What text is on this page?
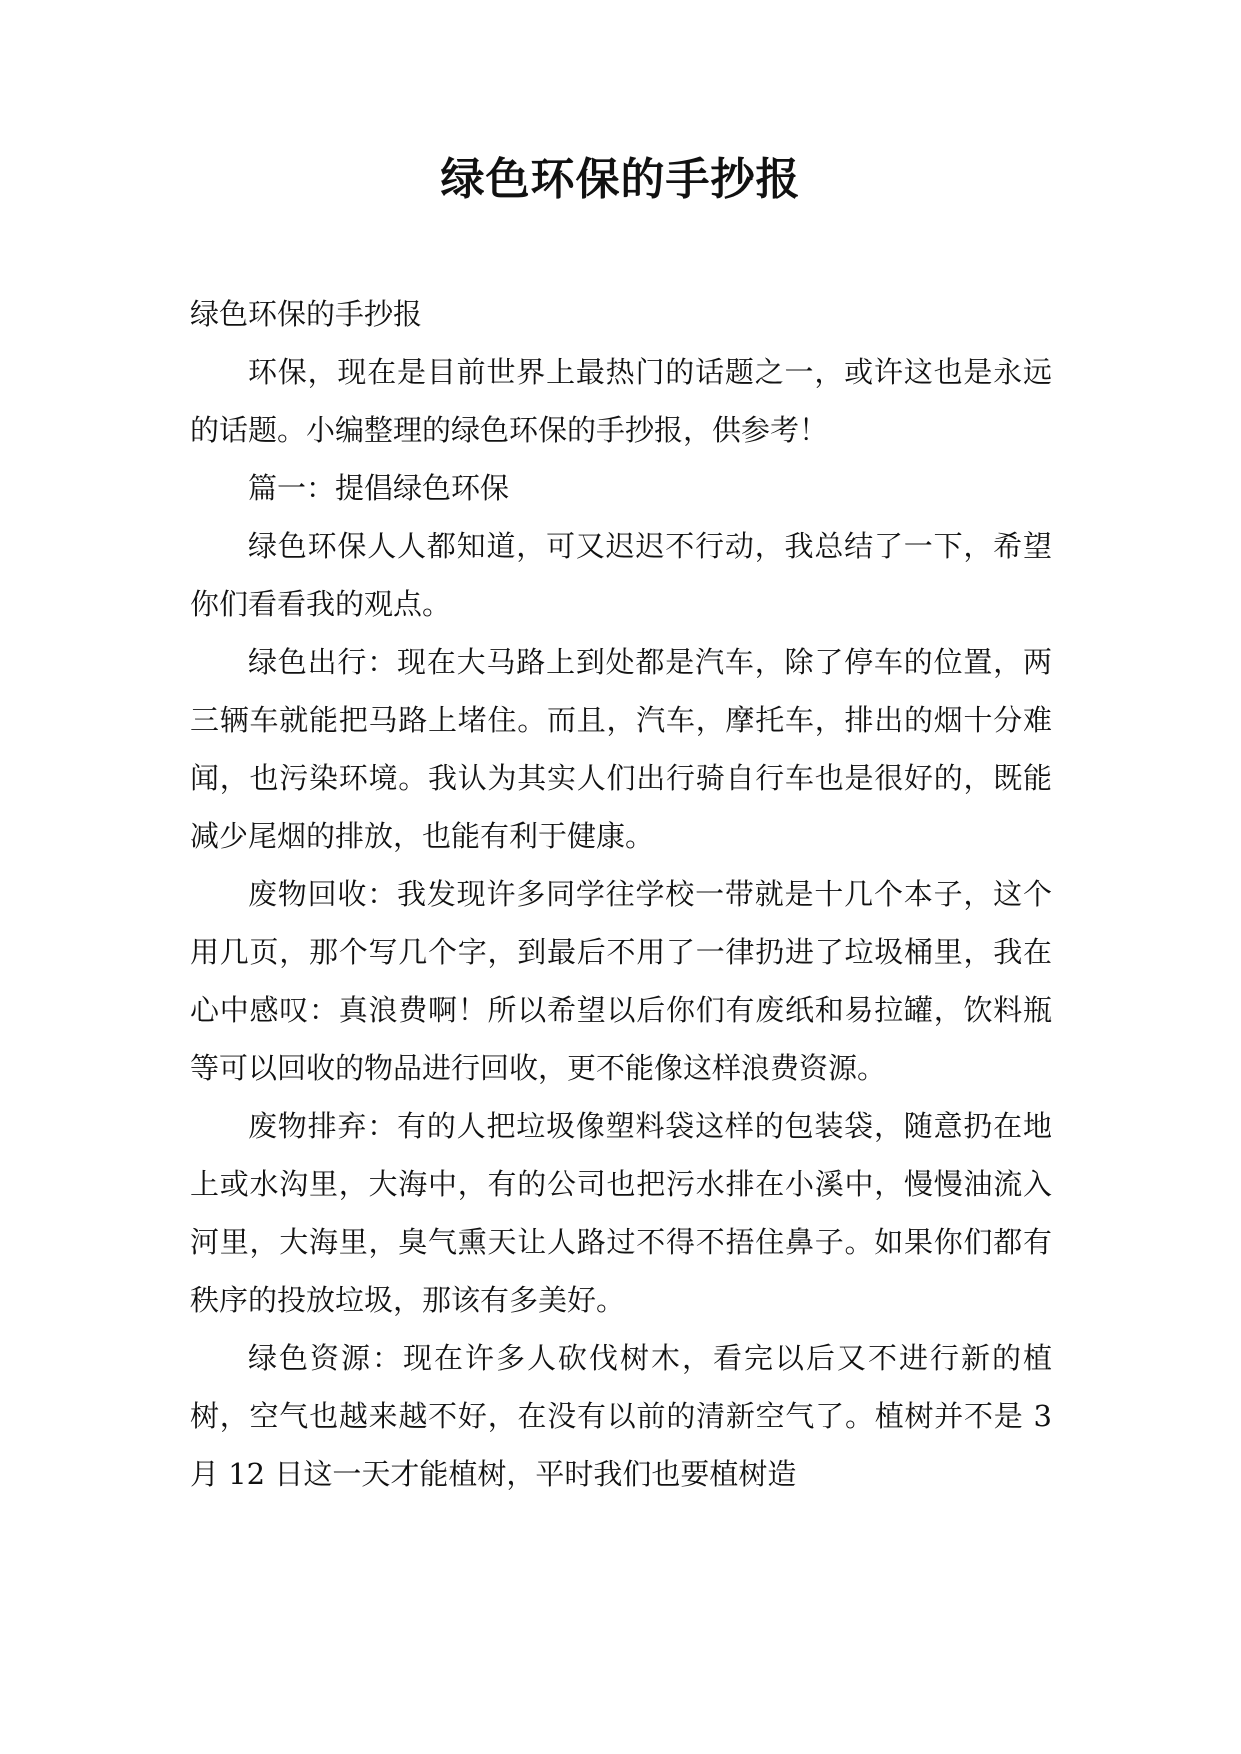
绿色环保的手抄报

绿色环保的手抄报

环保，现在是目前世界上最热门的话题之一，或许这也是永远的话题。小编整理的绿色环保的手抄报，供参考！

篇一：提倡绿色环保

绿色环保人人都知道，可又迟迟不行动，我总结了一下，希望你们看看我的观点。

绿色出行：现在大马路上到处都是汽车，除了停车的位置，两三辆车就能把马路上堵住。而且，汽车，摩托车，排出的烟十分难闻，也污染环境。我认为其实人们出行骑自行车也是很好的，既能减少尾烟的排放，也能有利于健康。

废物回收：我发现许多同学往学校一带就是十几个本子，这个用几页，那个写几个字，到最后不用了一律扔进了垃圾桶里，我在心中感叹：真浪费啊！所以希望以后你们有废纸和易拉罐，饮料瓶等可以回收的物品进行回收，更不能像这样浪费资源。

废物排弃：有的人把垃圾像塑料袋这样的包装袋，随意扔在地上或水沟里，大海中，有的公司也把污水排在小溪中，慢慢油流入河里，大海里，臭气熏天让人路过不得不捂住鼻子。如果你们都有秩序的投放垃圾，那该有多美好。

绿色资源：现在许多人砍伐树木，看完以后又不进行新的植树，空气也越来越不好，在没有以前的清新空气了。植树并不是 3 月 12 日这一天才能植树，平时我们也要植树造
